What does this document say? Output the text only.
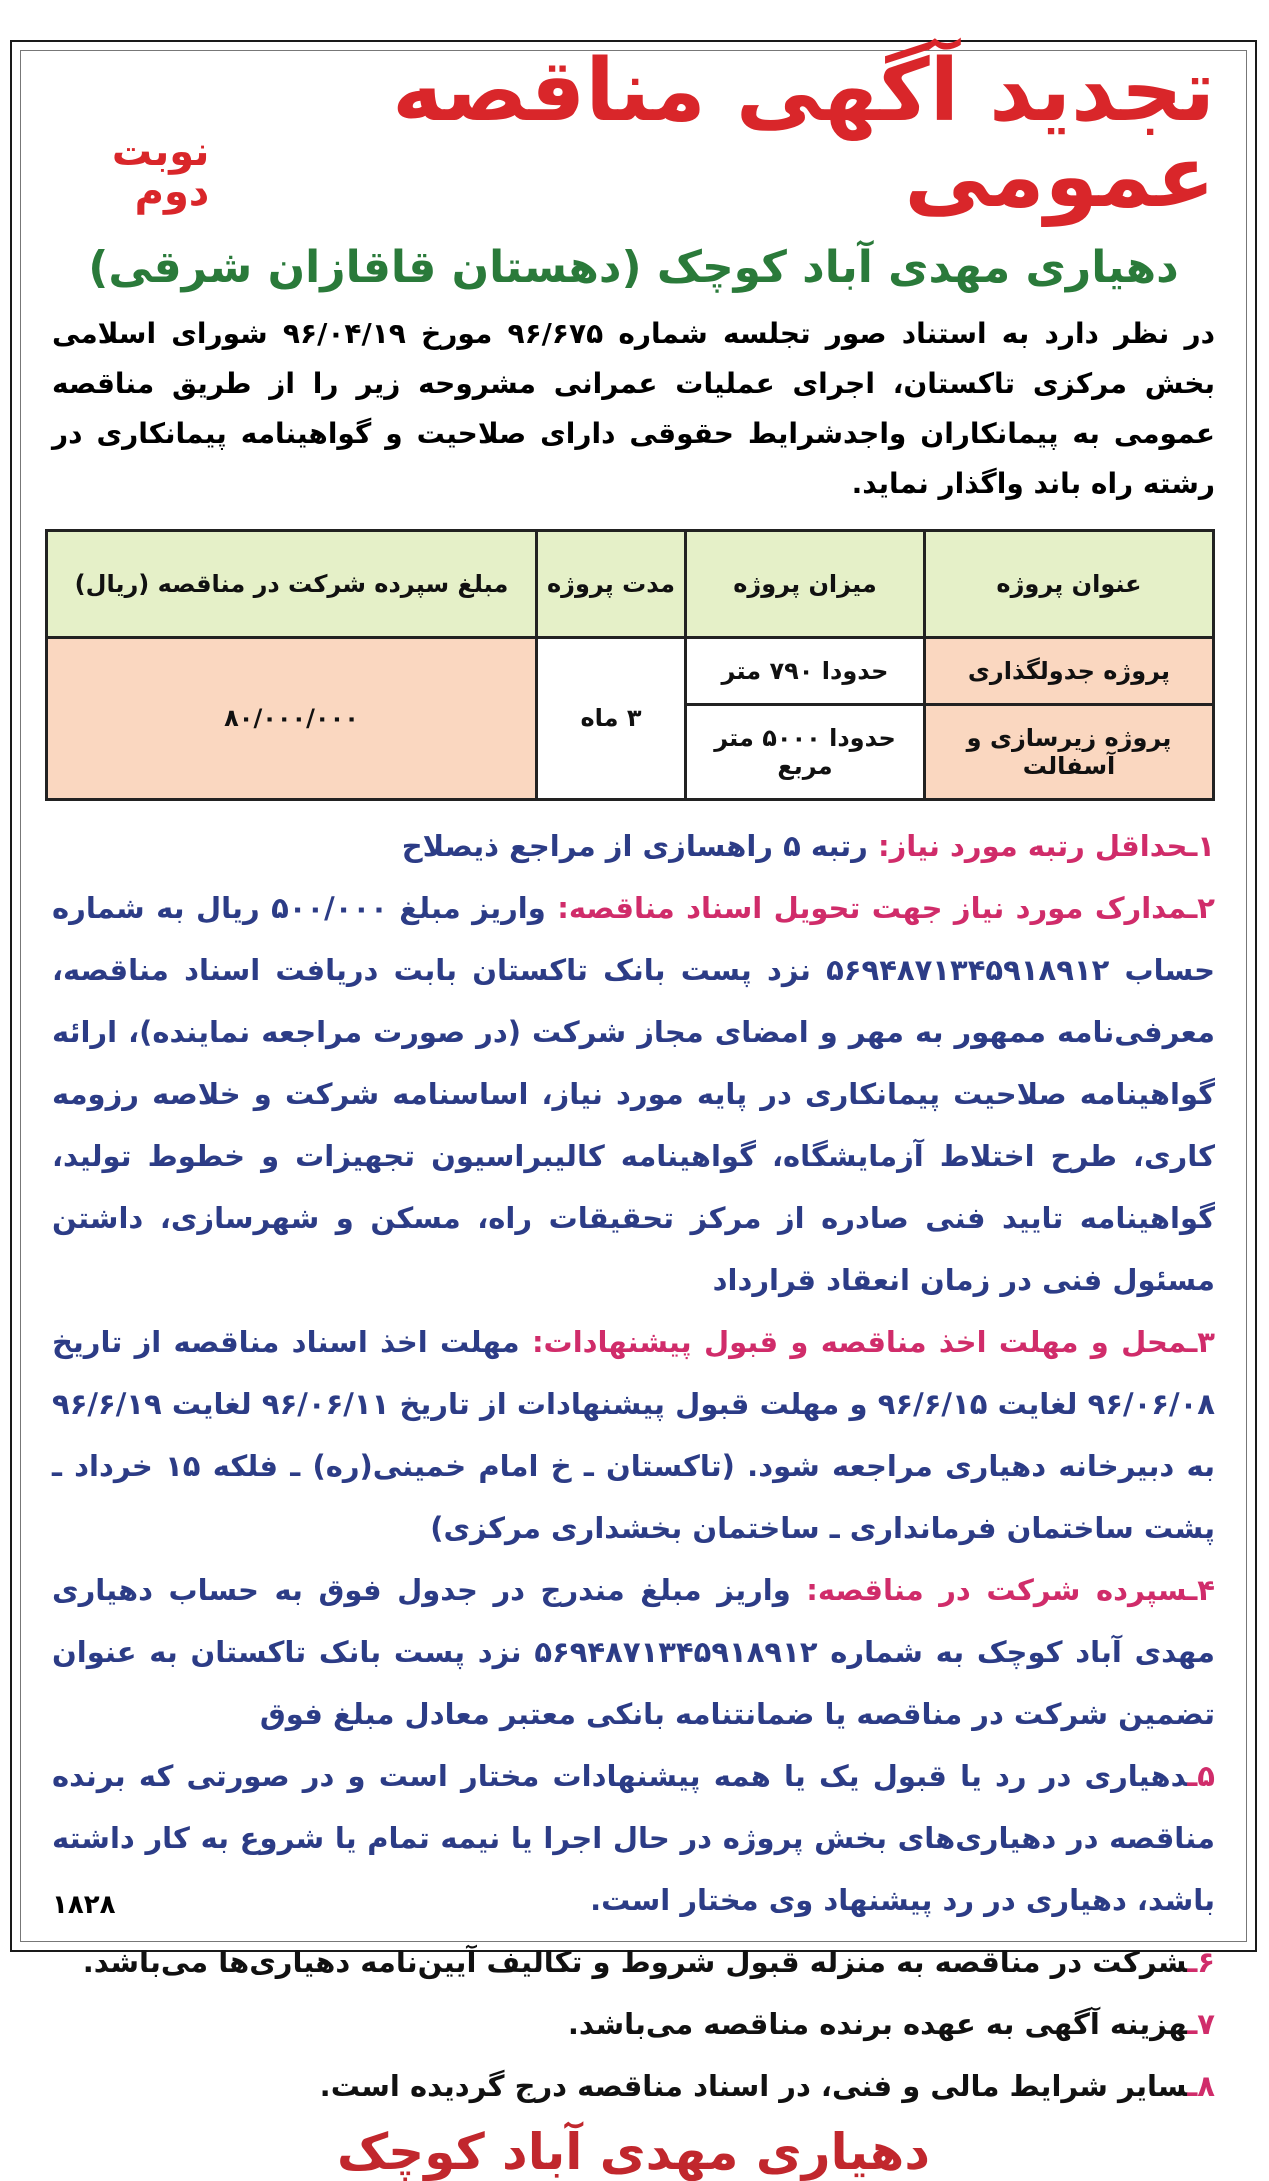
تجدید آگهی مناقصه عمومی
نوبت دوم
دهیاری مهدی آباد کوچک (دهستان قاقازان شرقی)
در نظر دارد به استناد صور تجلسه شماره ۹۶/۶۷۵ مورخ ۹۶/۰۴/۱۹ شورای اسلامی بخش مرکزی تاکستان، اجرای عملیات عمرانی مشروحه زیر را از طریق مناقصه عمومی به پیمانکاران واجدشرایط حقوقی دارای صلاحیت و گواهینامه پیمانکاری در رشته راه باند واگذار نماید.
عنوان پروژه	میزان پروژه	مدت پروژه	مبلغ سپرده شرکت در مناقصه (ریال)
پروژه جدولگذاری	حدودا ۷۹۰ متر	۳ ماه	۸۰/۰۰۰/۰۰۰
پروژه زیرسازی و آسفالت	حدودا ۵۰۰۰ متر مربع		
۱ـحداقل رتبه مورد نیاز: رتبه ۵ راهسازی از مراجع ذیصلاح
۲ـمدارک مورد نیاز جهت تحویل اسناد مناقصه: واریز مبلغ ۵۰۰/۰۰۰ ریال به شماره حساب ۵۶۹۴۸۷۱۳۴۵۹۱۸۹۱۲ نزد پست بانک تاکستان بابت دریافت اسناد مناقصه، معرفی‌نامه ممهور به مهر و امضای مجاز شرکت (در صورت مراجعه نماینده)، ارائه گواهینامه صلاحیت پیمانکاری در پایه مورد نیاز، اساسنامه شرکت و خلاصه رزومه کاری، طرح اختلاط آزمایشگاه، گواهینامه کالیبراسیون تجهیزات و خطوط تولید، گواهینامه تایید فنی صادره از مرکز تحقیقات راه، مسکن و شهرسازی، داشتن مسئول فنی در زمان انعقاد قرارداد
۳ـمحل و مهلت اخذ مناقصه و قبول پیشنهادات: مهلت اخذ اسناد مناقصه از تاریخ ۹۶/۰۶/۰۸ لغایت ۹۶/۶/۱۵ و مهلت قبول پیشنهادات از تاریخ ۹۶/۰۶/۱۱ لغایت ۹۶/۶/۱۹ به دبیرخانه دهیاری مراجعه شود. (تاکستان ـ خ امام خمینی(ره) ـ فلکه ۱۵ خرداد ـ پشت ساختمان فرمانداری ـ ساختمان بخشداری مرکزی)
۴ـسپرده شرکت در مناقصه: واریز مبلغ مندرج در جدول فوق به حساب دهیاری مهدی آباد کوچک به شماره ۵۶۹۴۸۷۱۳۴۵۹۱۸۹۱۲ نزد پست بانک تاکستان به عنوان تضمین شرکت در مناقصه یا ضمانتنامه بانکی معتبر معادل مبلغ فوق
۵ـدهیاری در رد یا قبول یک یا همه پیشنهادات مختار است و در صورتی که برنده مناقصه در دهیاری‌های بخش پروژه در حال اجرا یا نیمه تمام یا شروع به کار داشته باشد، دهیاری در رد پیشنهاد وی مختار است.
۶ـشرکت در مناقصه به منزله قبول شروط و تکالیف آیین‌نامه دهیاری‌ها می‌باشد.
۷ـهزینه آگهی به عهده برنده مناقصه می‌باشد.
۸ـسایر شرایط مالی و فنی، در اسناد مناقصه درج گردیده است.
دهیاری مهدی آباد کوچک
۱۸۲۸
